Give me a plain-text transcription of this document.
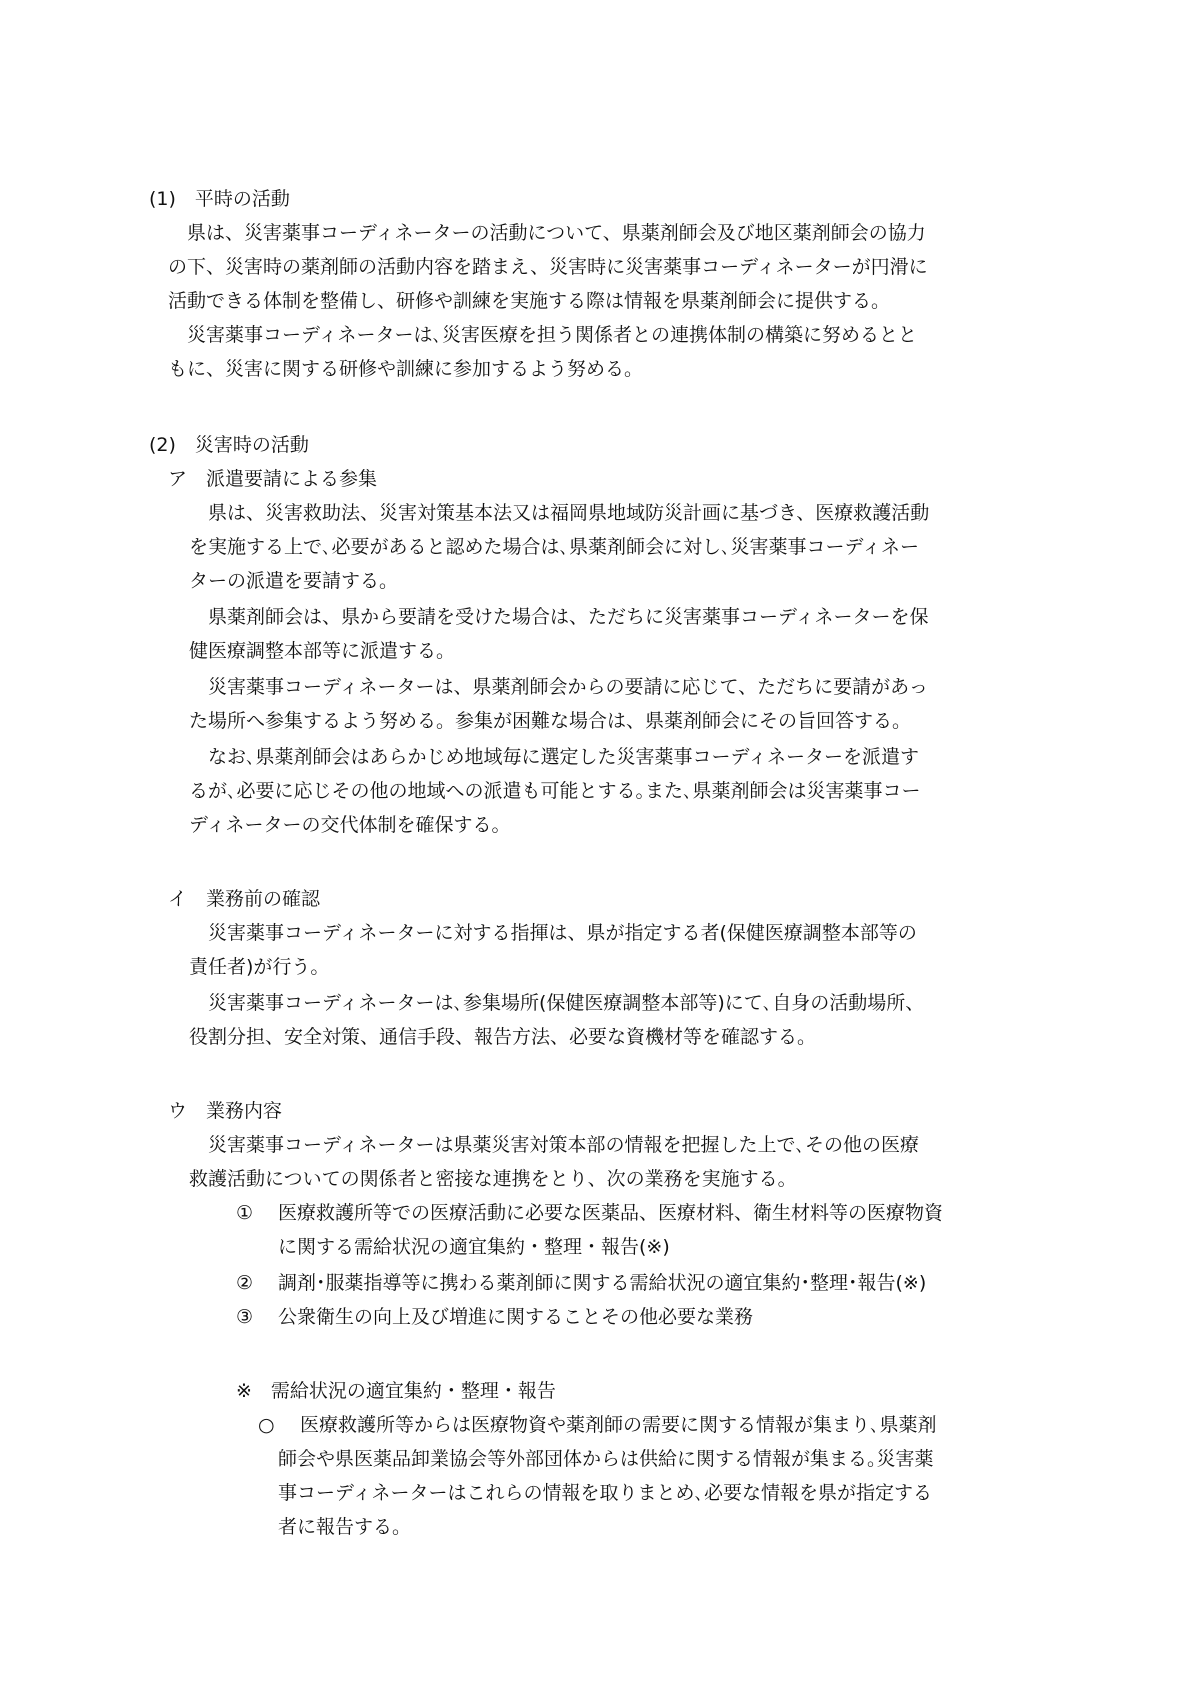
(1)　平時の活動
　県は、災害薬事コーディネーターの活動について、県薬剤師会及び地区薬剤師会の協力
の下、災害時の薬剤師の活動内容を踏まえ、災害時に災害薬事コーディネーターが円滑に
活動できる体制を整備し、研修や訓練を実施する際は情報を県薬剤師会に提供する。
　災害薬事コーディネーターは､災害医療を担う関係者との連携体制の構築に努めるとと
もに、災害に関する研修や訓練に参加するよう努める。
(2)　災害時の活動
ア　派遣要請による参集
　県は、災害救助法、災害対策基本法又は福岡県地域防災計画に基づき、医療救護活動
を実施する上で､必要があると認めた場合は､県薬剤師会に対し､災害薬事コーディネー
ターの派遣を要請する。
　県薬剤師会は、県から要請を受けた場合は、ただちに災害薬事コーディネーターを保
健医療調整本部等に派遣する。
　災害薬事コーディネーターは、県薬剤師会からの要請に応じて、ただちに要請があっ
た場所へ参集するよう努める。参集が困難な場合は、県薬剤師会にその旨回答する。
　なお､県薬剤師会はあらかじめ地域毎に選定した災害薬事コーディネーターを派遣す
るが､必要に応じその他の地域への派遣も可能とする｡また､県薬剤師会は災害薬事コー
ディネーターの交代体制を確保する。
イ　業務前の確認
　災害薬事コーディネーターに対する指揮は、県が指定する者(保健医療調整本部等の
責任者)が行う。
　災害薬事コーディネーターは､参集場所(保健医療調整本部等)にて､自身の活動場所、
役割分担、安全対策、通信手段、報告方法、必要な資機材等を確認する。
ウ　業務内容
　災害薬事コーディネーターは県薬災害対策本部の情報を把握した上で､その他の医療
救護活動についての関係者と密接な連携をとり、次の業務を実施する。
① 医療救護所等での医療活動に必要な医薬品、医療材料、衛生材料等の医療物資
に関する需給状況の適宜集約・整理・報告(※)
② 調剤･服薬指導等に携わる薬剤師に関する需給状況の適宜集約･整理･報告(※)
③ 公衆衛生の向上及び増進に関することその他必要な業務
※　需給状況の適宜集約・整理・報告
○ 医療救護所等からは医療物資や薬剤師の需要に関する情報が集まり､県薬剤
師会や県医薬品卸業協会等外部団体からは供給に関する情報が集まる｡災害薬
事コーディネーターはこれらの情報を取りまとめ､必要な情報を県が指定する
者に報告する。
